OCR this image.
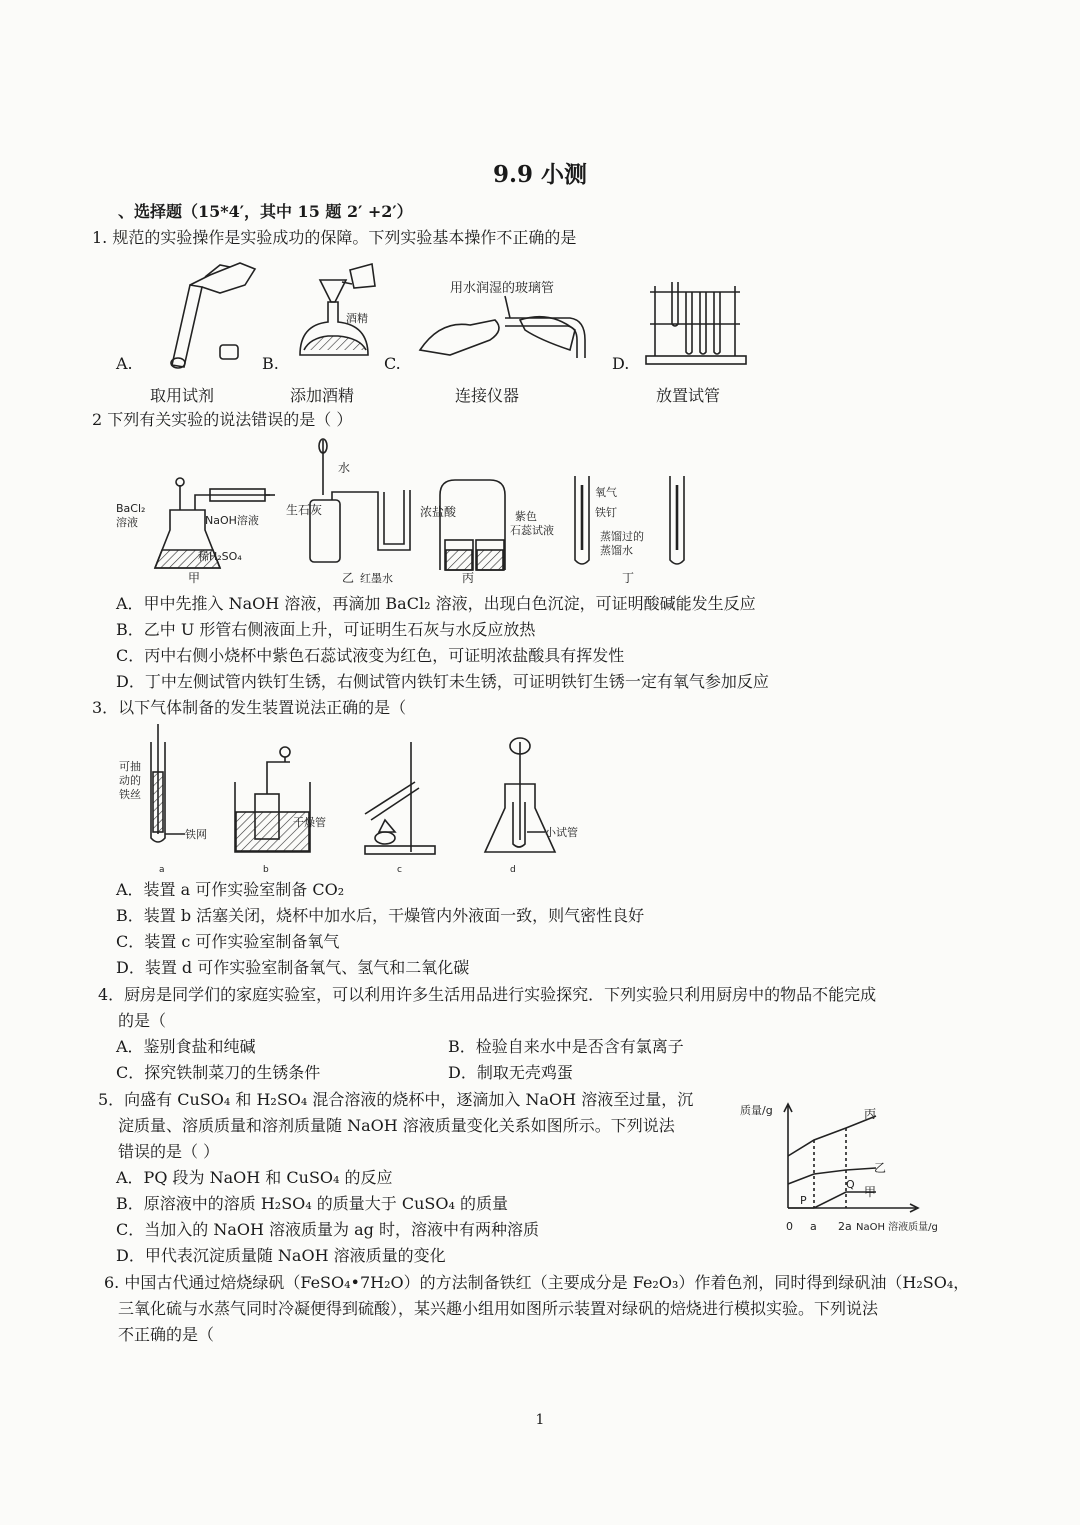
9.9 小测
、选择题（15*4′，其中 15 题 2′ +2′）
1. 规范的实验操作是实验成功的保障。下列实验基本操作不正确的是
酒精
用水润湿的玻璃管
A.	B.	C.	D.
取用试剂	添加酒精	连接仪器	放置试管
2 下列有关实验的说法错误的是（ ）
BaCl₂
溶液	NaOH溶液
稀H₂SO₄
甲
水
生石灰
红墨水
乙
浓盐酸	紫色
石蕊试液
丙
氧气
铁钉
蒸馏过的
蒸馏水
丁
A．甲中先推入 NaOH 溶液，再滴加 BaCl₂ 溶液，出现白色沉淀，可证明酸碱能发生反应
B．乙中 U 形管右侧液面上升，可证明生石灰与水反应放热
C．丙中右侧小烧杯中紫色石蕊试液变为红色，可证明浓盐酸具有挥发性
D．丁中左侧试管内铁钉生锈，右侧试管内铁钉未生锈，可证明铁钉生锈一定有氧气参加反应
3．以下气体制备的发生装置说法正确的是（
可抽
动的
铁丝
铁网
a
干燥管
b	c
小试管
d
A．装置 a 可作实验室制备 CO₂
B．装置 b 活塞关闭，烧杯中加水后，干燥管内外液面一致，则气密性良好
C．装置 c 可作实验室制备氧气
D．装置 d 可作实验室制备氧气、氢气和二氧化碳
4．厨房是同学们的家庭实验室，可以利用许多生活用品进行实验探究．下列实验只利用厨房中的物品不能完成
的是（
A．鉴别食盐和纯碱	B．检验自来水中是否含有氯离子
C．探究铁制菜刀的生锈条件	D．制取无壳鸡蛋
5．向盛有 CuSO₄ 和 H₂SO₄ 混合溶液的烧杯中，逐滴加入 NaOH 溶液至过量，沉
淀质量、溶质质量和溶剂质量随 NaOH 溶液质量变化关系如图所示。下列说法
错误的是（ ）
A．PQ 段为 NaOH 和 CuSO₄ 的反应
B．原溶液中的溶质 H₂SO₄ 的质量大于 CuSO₄ 的质量
C．当加入的 NaOH 溶液质量为 ag 时，溶液中有两种溶质
D．甲代表沉淀质量随 NaOH 溶液质量的变化
质量/g
NaOH 溶液质量/g
0 a 2a
丙
乙
甲
P
Q
6. 中国古代通过焙烧绿矾（FeSO₄•7H₂O）的方法制备铁红（主要成分是 Fe₂O₃）作着色剂，同时得到绿矾油（H₂SO₄，
三氧化硫与水蒸气同时冷凝便得到硫酸），某兴趣小组用如图所示装置对绿矾的焙烧进行模拟实验。下列说法
不正确的是（
1
